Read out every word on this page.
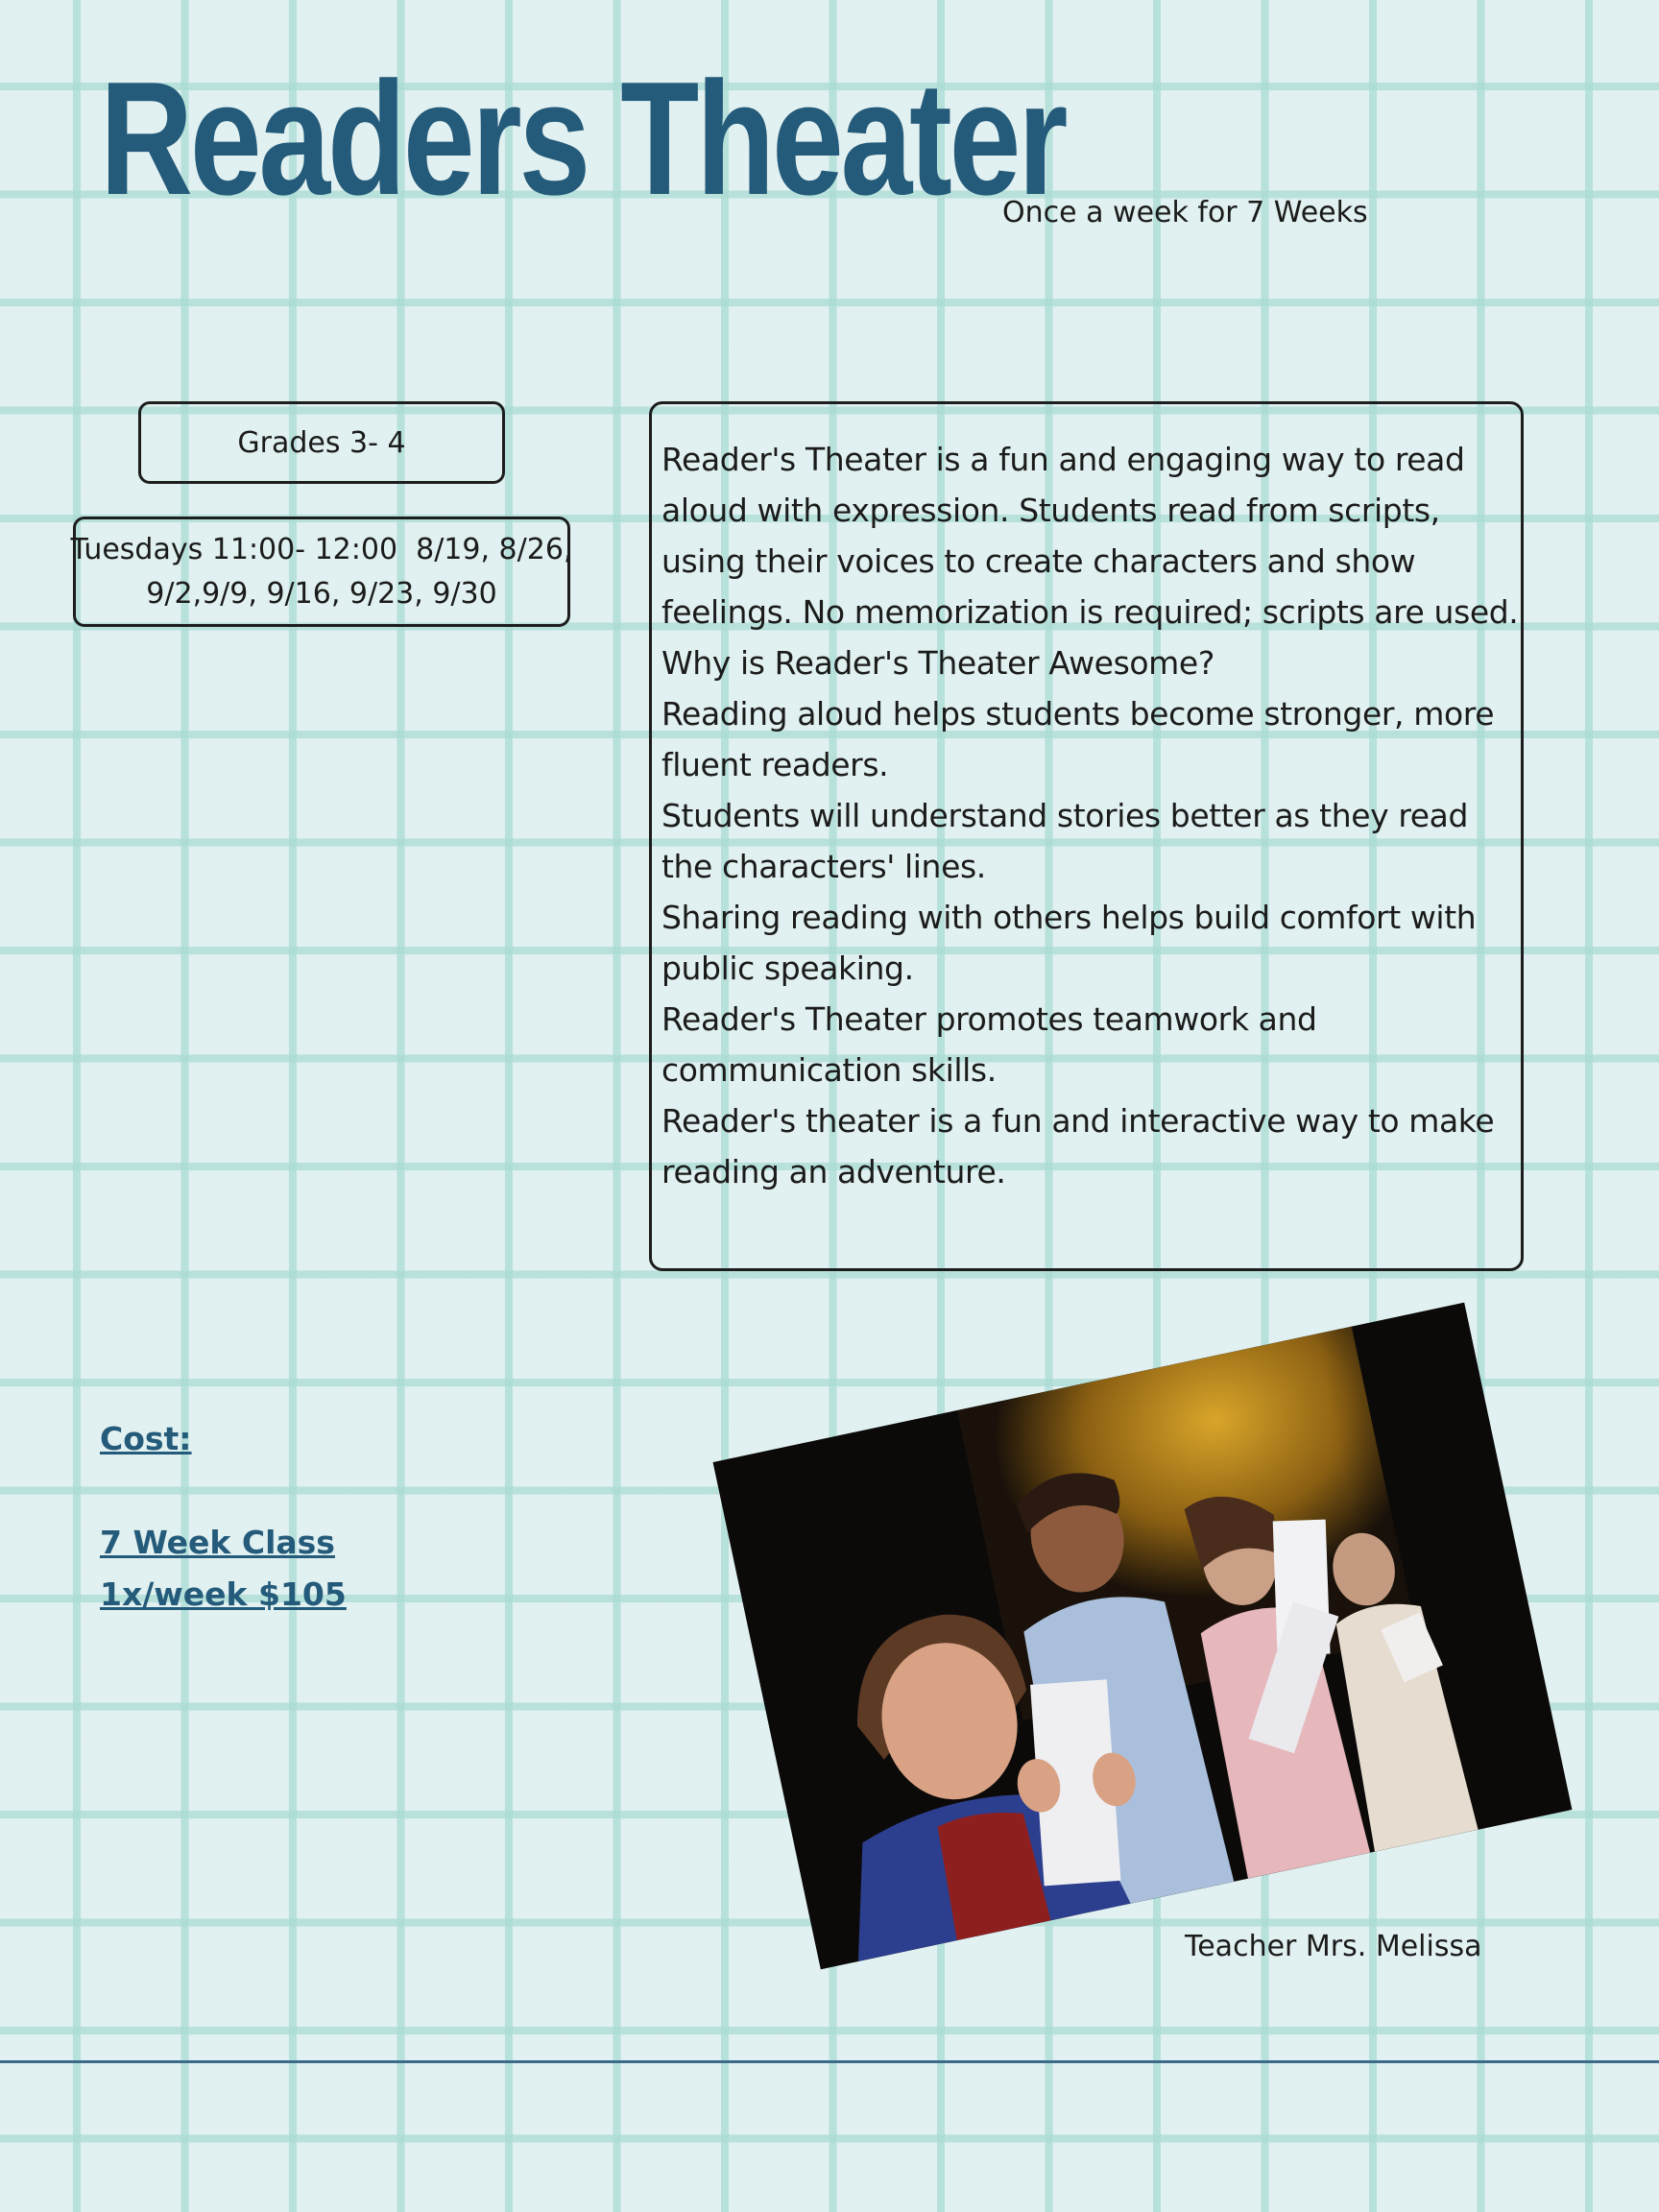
Readers Theater
Once a week for 7 Weeks
Grades 3- 4
Tuesdays 11:00- 12:00  8/19, 8/26,
9/2,9/9, 9/16, 9/23, 9/30

Reader's Theater is a fun and engaging way to read aloud with expression. Students read from scripts, using their voices to create characters and show feelings. No memorization is required; scripts are used.

Why is Reader's Theater Awesome?

Reading aloud helps students become stronger, more fluent readers.

Students will understand stories better as they read the characters' lines.

Sharing reading with others helps build comfort with public speaking.

Reader's Theater promotes teamwork and communication skills.

Reader's theater is a fun and interactive way to make reading an adventure.

Cost:
7 Week Class
1x/week $105
Teacher Mrs. Melissa
